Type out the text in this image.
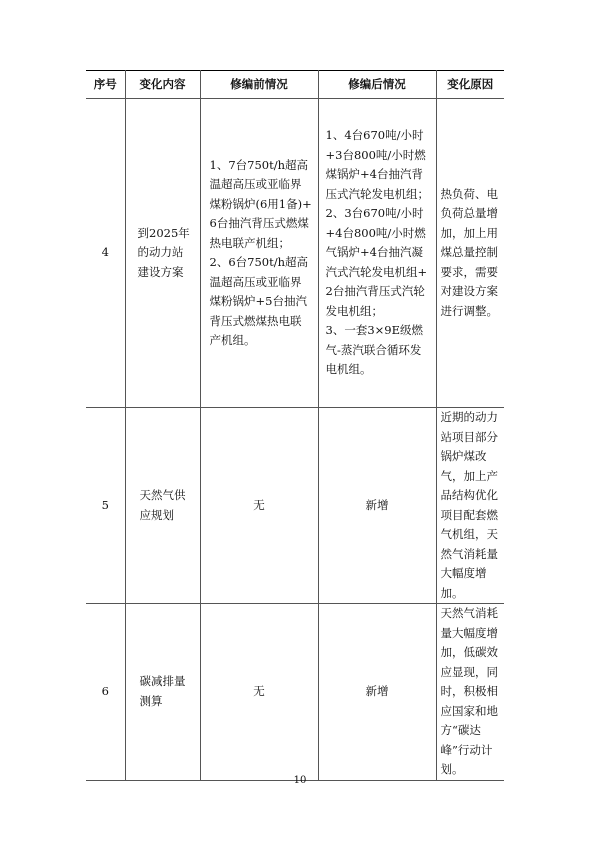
序号	变化内容	修编前情况	修编后情况	变化原因
4	到2025年的动力站建设方案	1、7台750t/h超高温超高压或亚临界煤粉锅炉(6用1备)+6台抽汽背压式燃煤热电联产机组；
2、6台750t/h超高温超高压或亚临界煤粉锅炉+5台抽汽背压式燃煤热电联产机组。	1、4台670吨/小时+3台800吨/小时燃煤锅炉+4台抽汽背压式汽轮发电机组；
2、3台670吨/小时+4台800吨/小时燃气锅炉+4台抽汽凝汽式汽轮发电机组+2台抽汽背压式汽轮发电机组；
3、一套3×9E级燃气-蒸汽联合循环发电机组。	热负荷、电负荷总量增加，加上用煤总量控制要求，需要对建设方案进行调整。
5	天然气供应规划	无	新增	近期的动力站项目部分锅炉煤改气，加上产品结构优化项目配套燃气机组，天然气消耗量大幅度增加。
6	碳减排量测算	无	新增	天然气消耗量大幅度增加，低碳效应显现，同时，积极相应国家和地方“碳达峰”行动计划。
10
